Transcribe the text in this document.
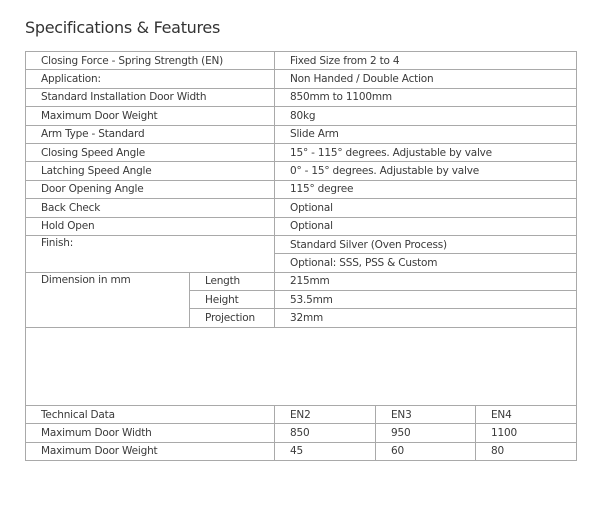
Specifications & Features
Closing Force - Spring Strength (EN)		Fixed Size from 2 to 4		
Application:		Non Handed / Double Action		
Standard Installation Door Width		850mm to 1100mm		
Maximum Door Weight		80kg		
Arm Type - Standard		Slide Arm		
Closing Speed Angle		15° - 115° degrees. Adjustable by valve		
Latching Speed Angle		0° - 15° degrees. Adjustable by valve		
Door Opening Angle		115° degree		
Back Check		Optional		
Hold Open		Optional		
Finish:		Standard Silver (Oven Process)		
		Optional: SSS, PSS & Custom		
Dimension in mm	Length	215mm		
	Height	53.5mm		
	Projection	32mm		

Technical Data		EN2	EN3	EN4
Maximum Door Width		850	950	1100
Maximum Door Weight		45	60	80
